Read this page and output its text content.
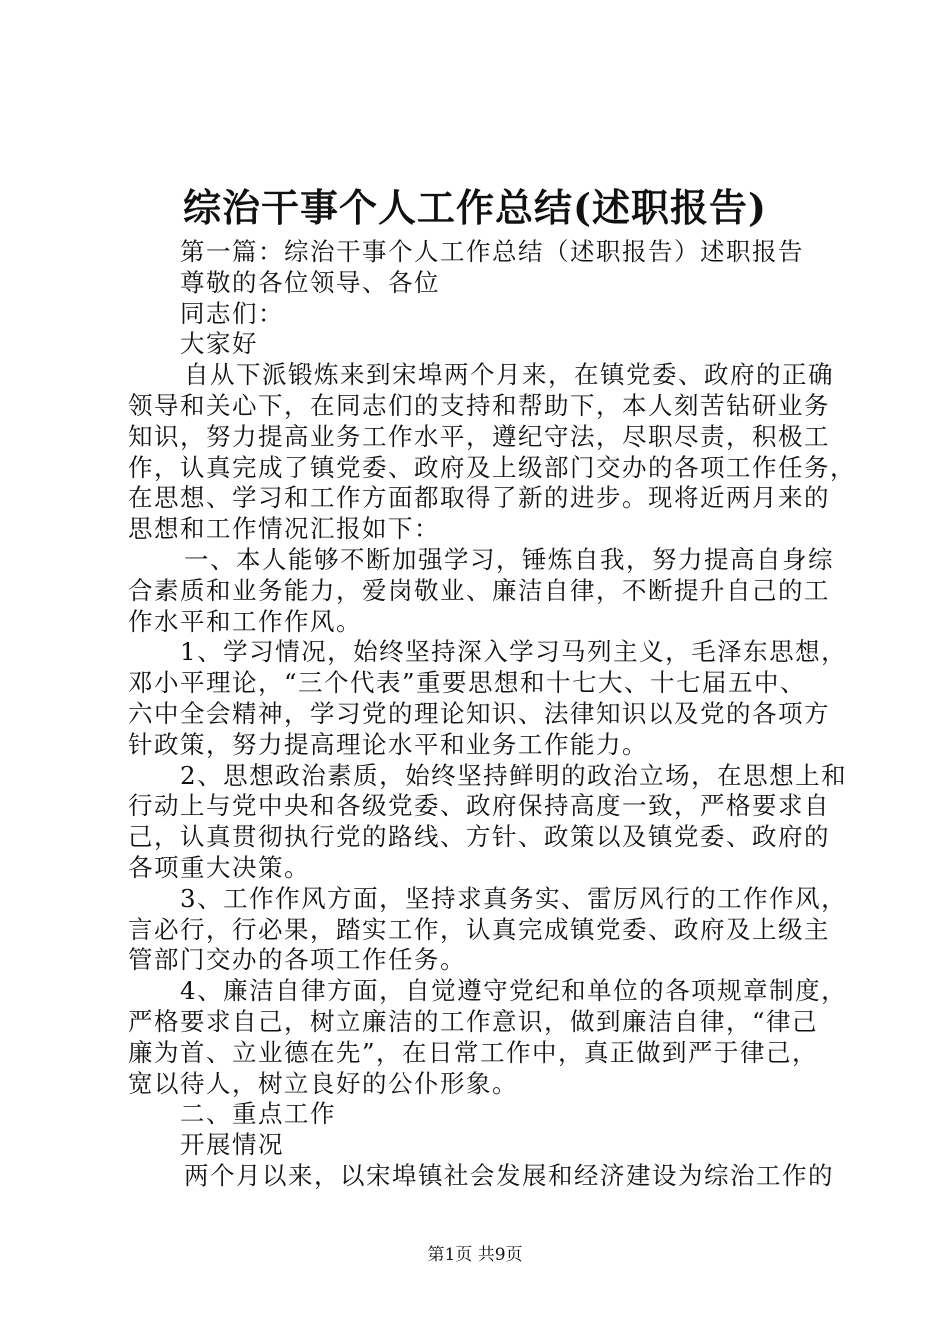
综治干事个人工作总结(述职报告)
第一篇：综治干事个人工作总结（述职报告）述职报告
尊敬的各位领导、各位
同志们：
大家好
自从下派锻炼来到宋埠两个月来，在镇党委、政府的正确
领导和关心下，在同志们的支持和帮助下，本人刻苦钻研业务
知识，努力提高业务工作水平，遵纪守法，尽职尽责，积极工
作，认真完成了镇党委、政府及上级部门交办的各项工作任务，
在思想、学习和工作方面都取得了新的进步。现将近两月来的
思想和工作情况汇报如下：
一、本人能够不断加强学习，锤炼自我，努力提高自身综
合素质和业务能力，爱岗敬业、廉洁自律，不断提升自己的工
作水平和工作作风。
1、学习情况，始终坚持深入学习马列主义，毛泽东思想，
邓小平理论，“三个代表”重要思想和十七大、十七届五中、
六中全会精神，学习党的理论知识、法律知识以及党的各项方
针政策，努力提高理论水平和业务工作能力。
2、思想政治素质，始终坚持鲜明的政治立场，在思想上和
行动上与党中央和各级党委、政府保持高度一致，严格要求自
己，认真贯彻执行党的路线、方针、政策以及镇党委、政府的
各项重大决策。
3、工作作风方面，坚持求真务实、雷厉风行的工作作风，
言必行，行必果，踏实工作，认真完成镇党委、政府及上级主
管部门交办的各项工作任务。
4、廉洁自律方面，自觉遵守党纪和单位的各项规章制度，
严格要求自己，树立廉洁的工作意识，做到廉洁自律，“律己
廉为首、立业德在先”，在日常工作中，真正做到严于律己，
宽以待人，树立良好的公仆形象。
二、重点工作
开展情况
两个月以来，以宋埠镇社会发展和经济建设为综治工作的
第1页 共9页
